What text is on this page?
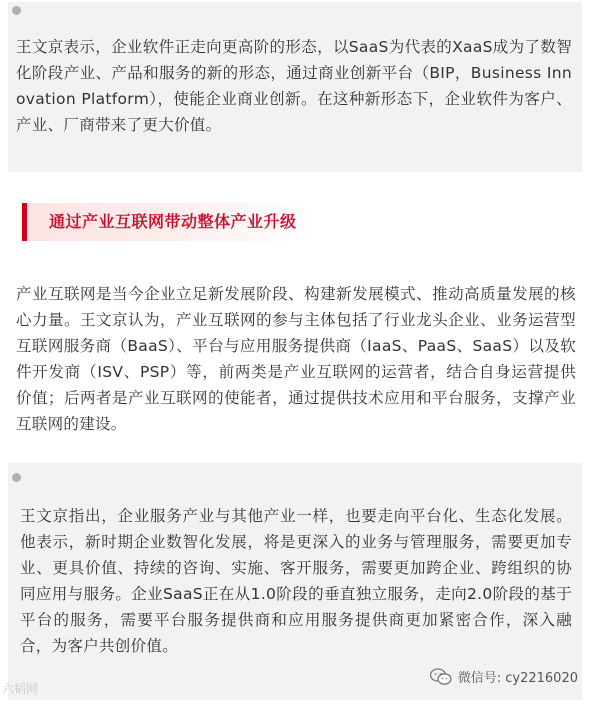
王文京表示，企业软件正走向更高阶的形态，以SaaS为代表的XaaS成为了数智化阶段产业、产品和服务的新的形态，通过商业创新平台（BIP，Business Innovation Platform），使能企业商业创新。在这种新形态下，企业软件为客户、产业、厂商带来了更大价值。

通过产业互联网带动整体产业升级

产业互联网是当今企业立足新发展阶段、构建新发展模式、推动高质量发展的核心力量。王文京认为，产业互联网的参与主体包括了行业龙头企业、业务运营型互联网服务商（BaaS）、平台与应用服务提供商（IaaS、PaaS、SaaS）以及软件开发商（ISV、PSP）等，前两类是产业互联网的运营者，结合自身运营提供价值；后两者是产业互联网的使能者，通过提供技术应用和平台服务，支撑产业互联网的建设。

王文京指出，企业服务产业与其他产业一样，也要走向平台化、生态化发展。他表示，新时期企业数智化发展，将是更深入的业务与管理服务，需要更加专业、更具价值、持续的咨询、实施、客开服务，需要更加跨企业、跨组织的协同应用与服务。企业SaaS正在从1.0阶段的垂直独立服务，走向2.0阶段的基于平台的服务，需要平台服务提供商和应用服务提供商更加紧密合作，深入融合，为客户共创价值。

六韬网
微信号: cy2216020
